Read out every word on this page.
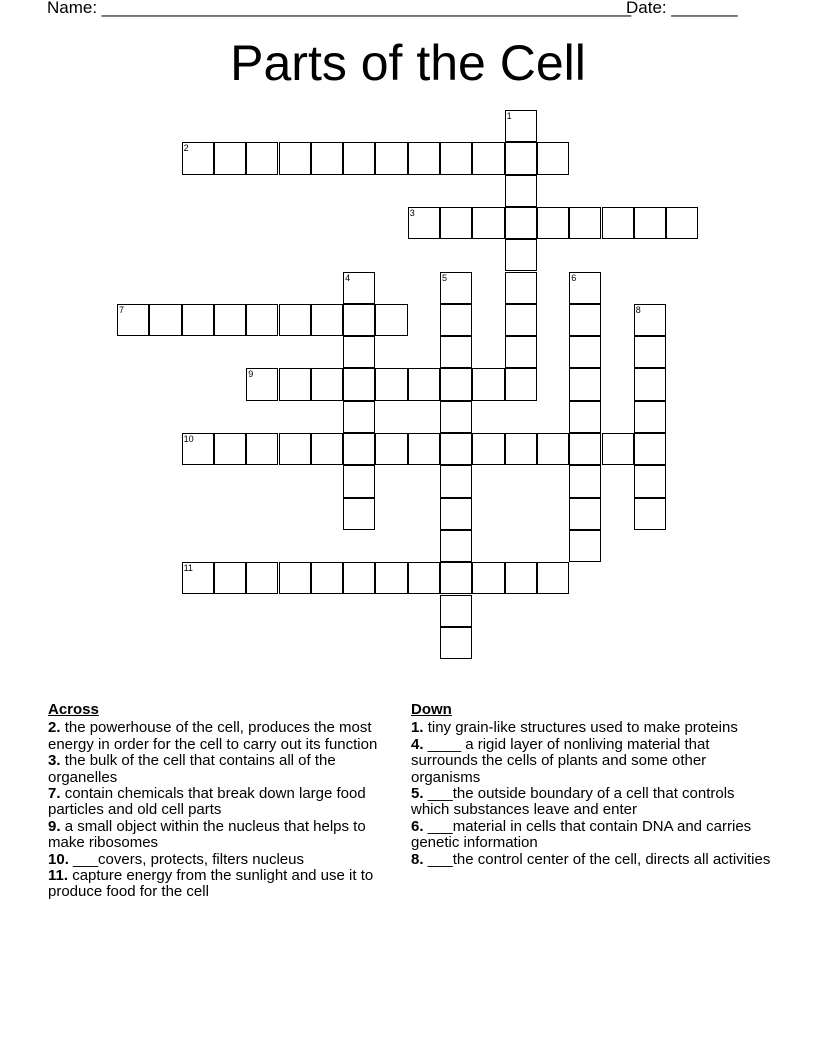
Name: ________________________________________________________
Date: _______
Parts of the Cell
1
2
3
4	5	6
7	8
9
10
11
Across
2. the powerhouse of the cell, produces the most energy in order for the cell to carry out its function
3. the bulk of the cell that contains all of the organelles
7. contain chemicals that break down large food particles and old cell parts
9. a small object within the nucleus that helps to make ribosomes
10. ___covers, protects, filters nucleus
11. capture energy from the sunlight and use it to produce food for the cell
Down
1. tiny grain-like structures used to make proteins
4. ____ a rigid layer of nonliving material that surrounds the cells of plants and some other organisms
5. ___the outside boundary of a cell that controls which substances leave and enter
6. ___material in cells that contain DNA and carries genetic information
8. ___the control center of the cell, directs all activities
